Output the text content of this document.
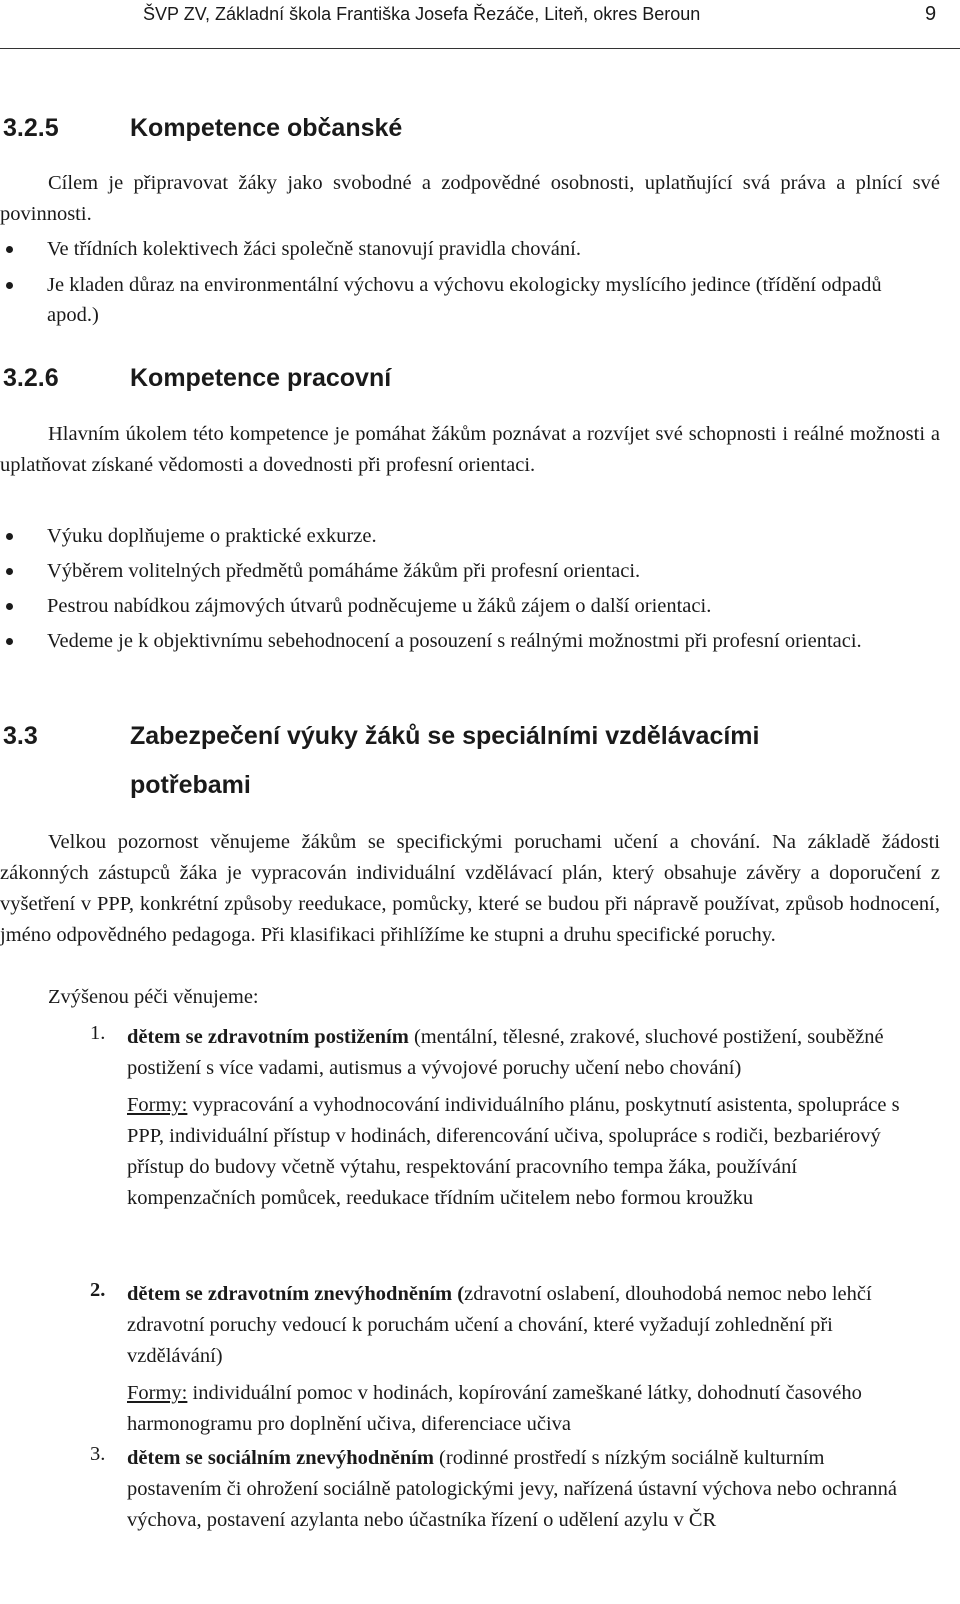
ŠVP ZV, Základní škola Františka Josefa Řezáče, Liteň, okres Beroun	9
3.2.5	Kompetence občanské

Cílem je připravovat žáky jako svobodné a zodpovědné osobnosti, uplatňující svá práva a plnící své povinnosti.

Ve třídních kolektivech žáci společně stanovují pravidla chování.
Je kladen důraz na environmentální výchovu a výchovu ekologicky myslícího jedince (třídění odpadů apod.)
3.2.6	Kompetence pracovní

Hlavním úkolem této kompetence je pomáhat žákům poznávat a rozvíjet své schopnosti i reálné možnosti a uplatňovat získané vědomosti a dovednosti při profesní orientaci.

Výuku doplňujeme o praktické exkurze.
Výběrem volitelných předmětů pomáháme žákům při profesní orientaci.
Pestrou nabídkou zájmových útvarů podněcujeme u žáků zájem o další orientaci.
Vedeme je k objektivnímu sebehodnocení a posouzení s reálnými možnostmi při profesní orientaci.
3.3	Zabezpečení výuky žáků se speciálními vzdělávacími
potřebami

Velkou pozornost věnujeme žákům se specifickými poruchami učení a chování. Na základě žádosti zákonných zástupců žáka je vypracován individuální vzdělávací plán, který obsahuje závěry a doporučení z vyšetření v PPP, konkrétní způsoby reedukace, pomůcky, které se budou při nápravě používat, způsob hodnocení, jméno odpovědného pedagoga. Při klasifikaci přihlížíme ke stupni a druhu specifické poruchy.

Zvýšenou péči věnujeme:
1. dětem se zdravotním postižením (mentální, tělesné, zrakové, sluchové postižení, souběžné postižení s více vadami, autismus a vývojové poruchy učení nebo chování)
Formy: vypracování a vyhodnocování individuálního plánu, poskytnutí asistenta, spolupráce s PPP, individuální přístup v hodinách, diferencování učiva, spolupráce s rodiči, bezbariérový přístup do budovy včetně výtahu, respektování pracovního tempa žáka, používání kompenzačních pomůcek, reedukace třídním učitelem nebo formou kroužku
2. dětem se zdravotním znevýhodněním (zdravotní oslabení, dlouhodobá nemoc nebo lehčí zdravotní poruchy vedoucí k poruchám učení a chování, které vyžadují zohlednění při vzdělávání)
Formy: individuální pomoc v hodinách, kopírování zameškané látky, dohodnutí časového harmonogramu pro doplnění učiva, diferenciace učiva
3. dětem se sociálním znevýhodněním (rodinné prostředí s nízkým sociálně kulturním postavením či ohrožení sociálně patologickými jevy, nařízená ústavní výchova nebo ochranná výchova, postavení azylanta nebo účastníka řízení o udělení azylu v ČR
